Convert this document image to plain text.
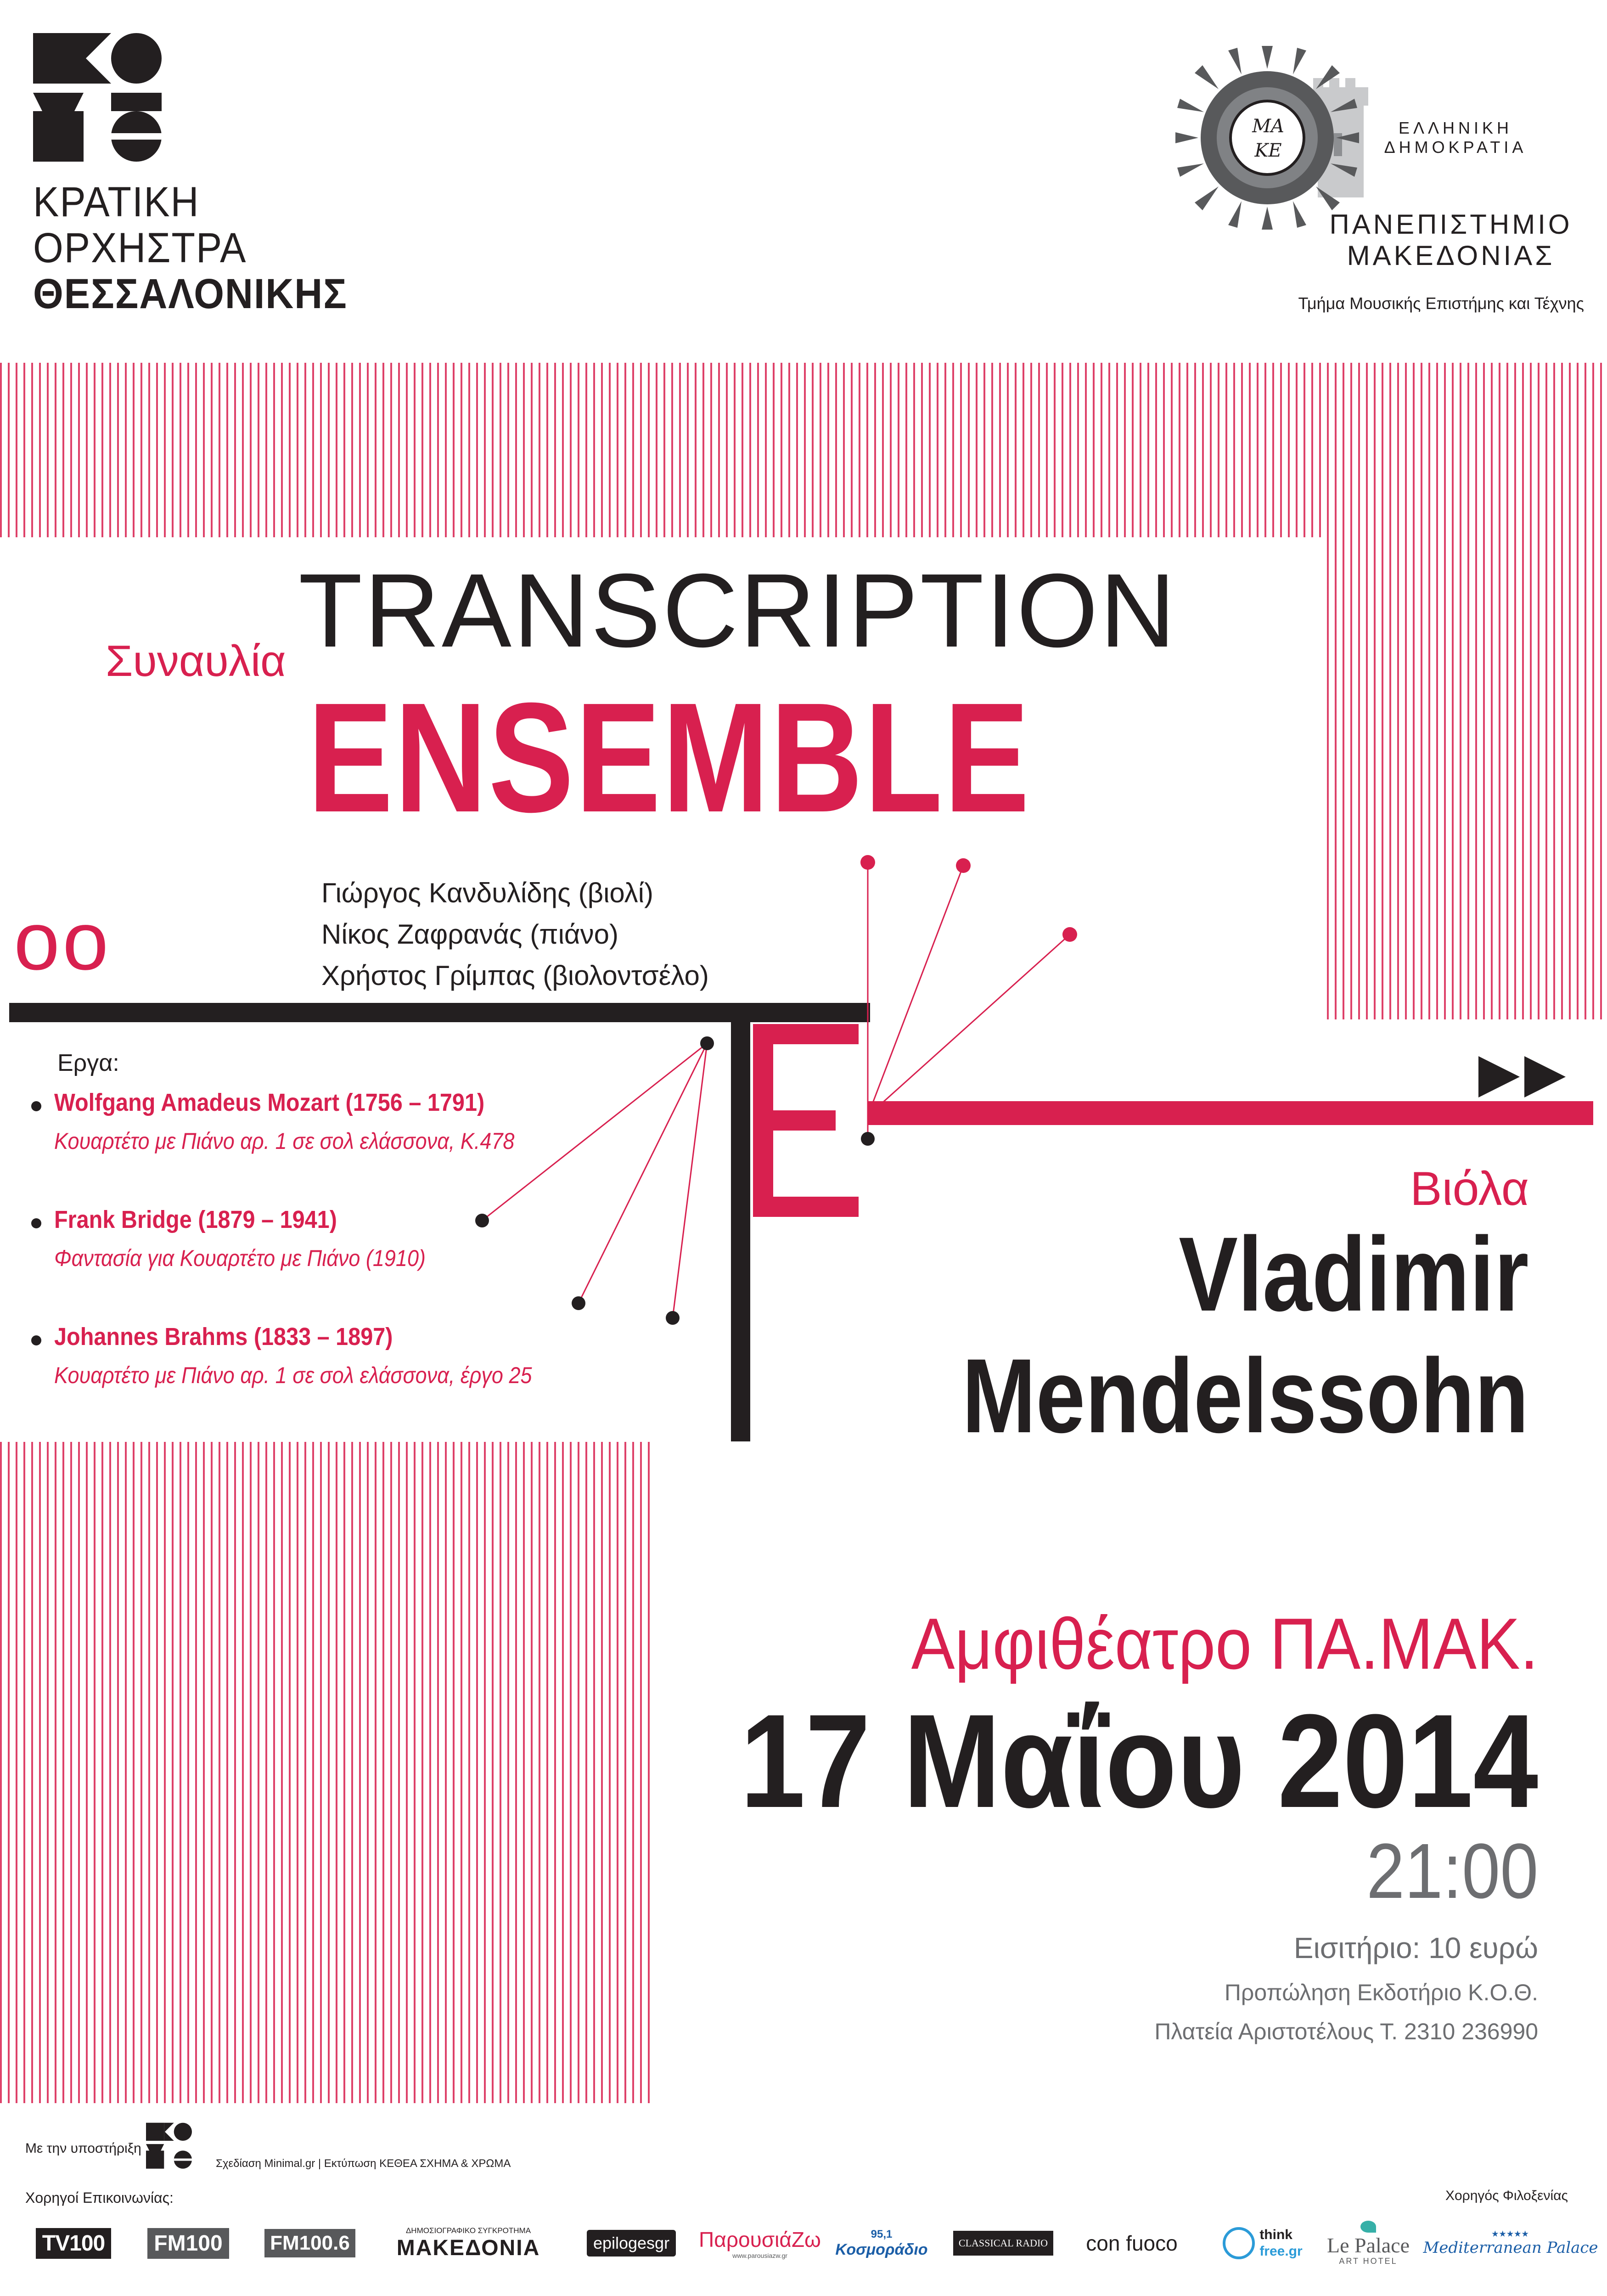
ΚΡΑΤΙΚΗ
ΟΡΧΗΣΤΡΑ
ΘΕΣΣΑΛΟΝΙΚΗΣ
ΜΑ
ΚΕ
ΕΛΛΗΝΙΚΗ
ΔΗΜΟΚΡΑΤΙΑ
ΠΑΝΕΠΙΣΤΗΜΙΟ
ΜΑΚΕΔΟΝΙΑΣ
Τμήμα Μουσικής Επιστήμης και Τέχνης
Συναυλία TRANSCRIPTION
ENSEMBLE
Γιώργος Κανδυλίδης (βιολί)
Νίκος Ζαφρανάς (πιάνο)
Χρήστος Γρίμπας (βιολοντσέλο)
oo
Εργα:
Wolfgang Amadeus Mozart (1756 – 1791)
Κουαρτέτο με Πιάνο αρ. 1 σε σολ ελάσσονα, Κ.478
Frank Bridge (1879 – 1941)
Φαντασία για Κουαρτέτο με Πιάνο (1910)
Johannes Brahms (1833 – 1897)
Κουαρτέτο με Πιάνο αρ. 1 σε σολ ελάσσονα, έργο 25
Βιόλα
Vladimir
Mendelssohn
Αμφιθέατρο ΠΑ.ΜΑΚ.
17 Μαΐου 2014
21:00
Εισιτήριο: 10 ευρώ
Προπώληση Εκδοτήριο Κ.Ο.Θ.
Πλατεία Αριστοτέλους Τ. 2310 236990
Με την υποστήριξη
Σχεδίαση Minimal.gr | Εκτύπωση ΚΕΘΕΑ ΣΧΗΜΑ & ΧΡΩΜΑ
Χορηγοί Επικοινωνίας:	Χορηγός Φιλοξενίας
TV100 FM100	FM100.6
ΔΗΜΟΣΙΟΓΡΑΦΙΚΟ ΣΥΓΚΡΟΤΗΜΑ
ΜΑΚΕΔΟΝΙΑ	epilogesgr	ΠαρουσιάΖω
www.parousiazw.gr
95,1
Κοσμοράδιο	CLASSICAL RADIO con fuoco	think
free.gr Le Palace
ART HOTEL
★★★★★
Mediterranean Palace
